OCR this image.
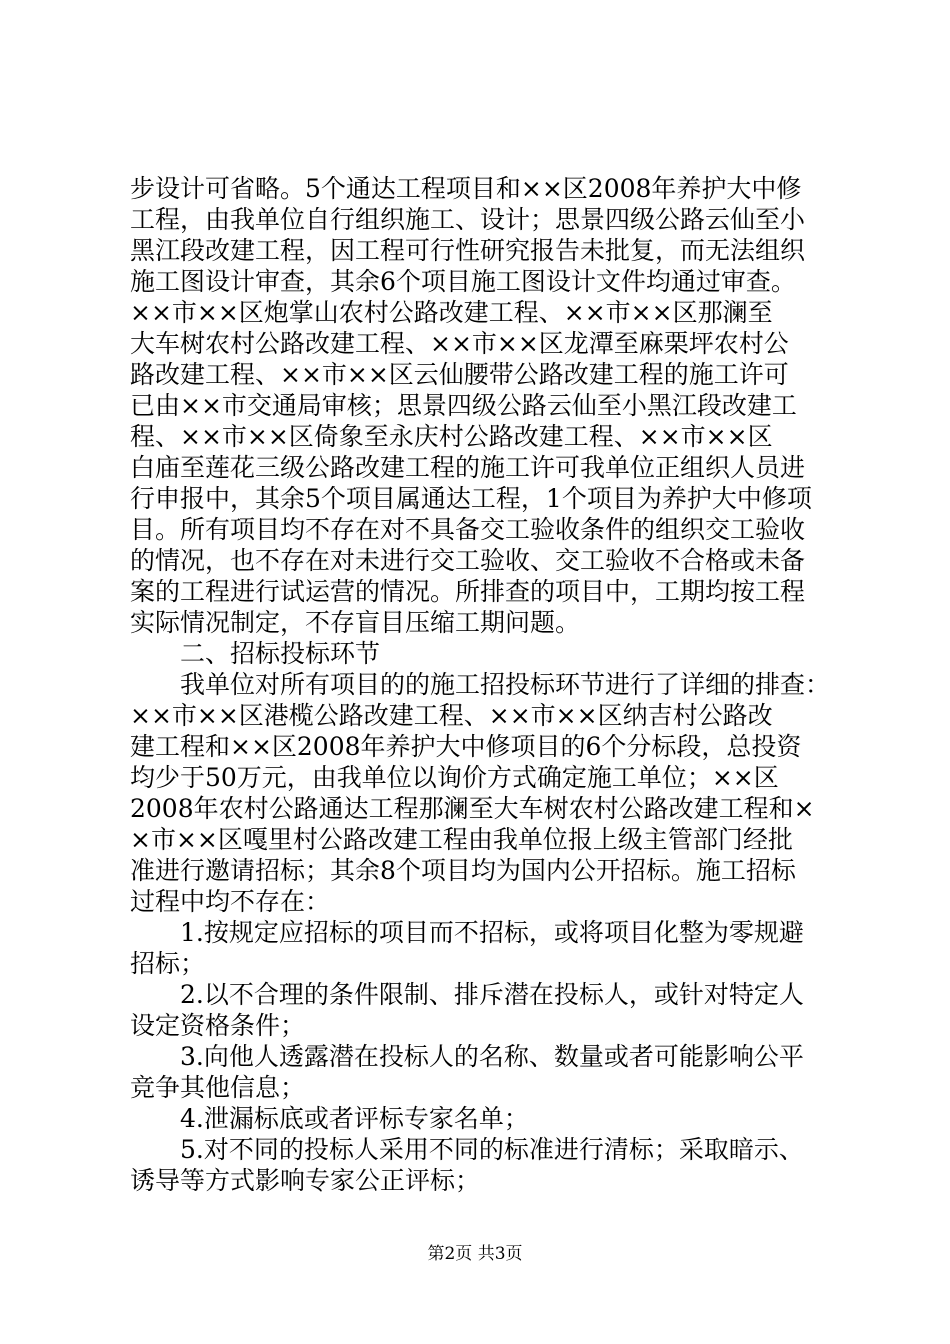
步设计可省略。5个通达工程项目和××区2008年养护大中修
工程，由我单位自行组织施工、设计；思景四级公路云仙至小
黑江段改建工程，因工程可行性研究报告未批复，而无法组织
施工图设计审查，其余6个项目施工图设计文件均通过审查。
××市××区炮掌山农村公路改建工程、××市××区那澜至
大车树农村公路改建工程、××市××区龙潭至麻栗坪农村公
路改建工程、××市××区云仙腰带公路改建工程的施工许可
已由××市交通局审核；思景四级公路云仙至小黑江段改建工
程、××市××区倚象至永庆村公路改建工程、××市××区
白庙至莲花三级公路改建工程的施工许可我单位正组织人员进
行申报中，其余5个项目属通达工程，1个项目为养护大中修项
目。所有项目均不存在对不具备交工验收条件的组织交工验收
的情况，也不存在对未进行交工验收、交工验收不合格或未备
案的工程进行试运营的情况。所排查的项目中，工期均按工程
实际情况制定，不存盲目压缩工期问题。
二、招标投标环节
我单位对所有项目的的施工招投标环节进行了详细的排查：
××市××区港榄公路改建工程、××市××区纳吉村公路改
建工程和××区2008年养护大中修项目的6个分标段，总投资
均少于50万元，由我单位以询价方式确定施工单位；××区
2008年农村公路通达工程那澜至大车树农村公路改建工程和×
×市××区嘎里村公路改建工程由我单位报上级主管部门经批
准进行邀请招标；其余8个项目均为国内公开招标。施工招标
过程中均不存在：
1.按规定应招标的项目而不招标，或将项目化整为零规避
招标；
2.以不合理的条件限制、排斥潜在投标人，或针对特定人
设定资格条件；
3.向他人透露潜在投标人的名称、数量或者可能影响公平
竞争其他信息；
4.泄漏标底或者评标专家名单；
5.对不同的投标人采用不同的标准进行清标；采取暗示、
诱导等方式影响专家公正评标；
第2页 共3页
